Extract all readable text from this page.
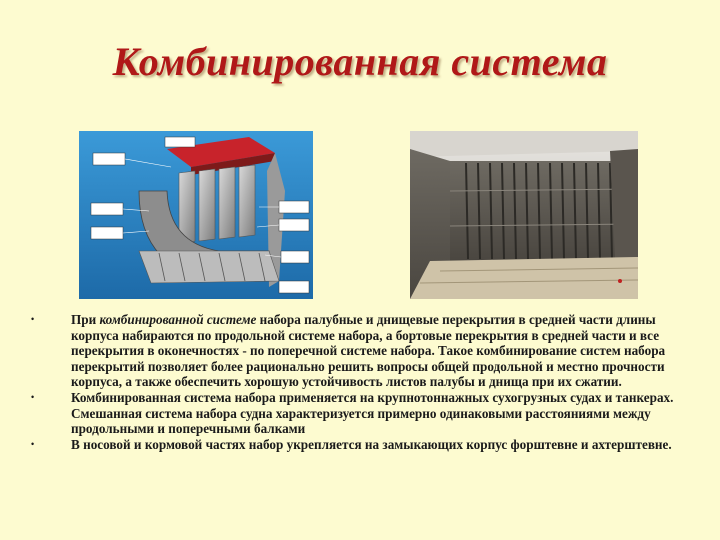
Комбинированная система
•	При комбинированной системе набора палубные и днищевые перекрытия в средней части длины корпуса набираются по продольной системе набора, а бортовые перекрытия в средней части и все перекрытия в оконечностях - по поперечной системе набора. Такое комбинирование систем набора перекрытий позволяет более рационально решить вопросы общей продольной и местно прочности корпуса, а также обеспечить хорошую устойчивость листов палубы и днища при их сжатии.
•	Комбинированная система набора применяется на крупнотоннажных сухогрузных судах и танкерах. Смешанная система набора судна характеризуется примерно одинаковыми расстояниями между продольными и поперечными балками
•	В носовой и кормовой частях набор укрепляется на замыкающих корпус форштевне и ахтерштевне.
